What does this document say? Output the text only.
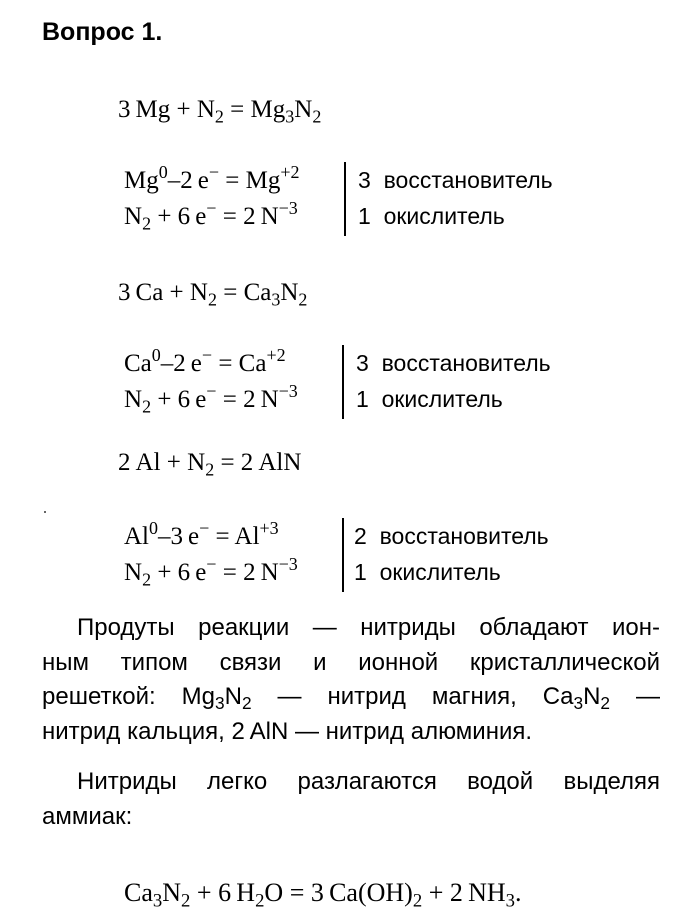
Вопрос 1.
3  $Mg + N_2 = Mg_3N_2$
Mg$^0$–2  $e^- = Mg^{+2}$
$N_2 + 6$  e− = 2  $N^{-3}$
3 восстановитель
1 окислитель
3  $Ca + N_2 = Ca_3N_2$
Ca$^0$–2  $e^- = Ca^{+2}$
$N_2 + 6$  e− = 2  $N^{-3}$
3 восстановитель
1 окислитель
2  $Al + N_2 = 2$  AlN
Al$^0$–3  $e^- = Al^{+3}$
$N_2 + 6$  e− = 2  $N^{-3}$
2 восстановитель
1 окислитель
Продуты реакции — нитриды обладают ион-
ным типом связи и ионной кристаллической
решеткой: $Mg_3N_2$ — нитрид магния, $Ca_3N_2$ —
нитрид кальция, 2  AlN — нитрид алюминия.
Нитриды легко разлагаются водой выделяя
аммиак:
$Ca_3N_2 + 6$  $H_2O = 3$  $Ca(OH)_2 + 2$  $NH_3$.
